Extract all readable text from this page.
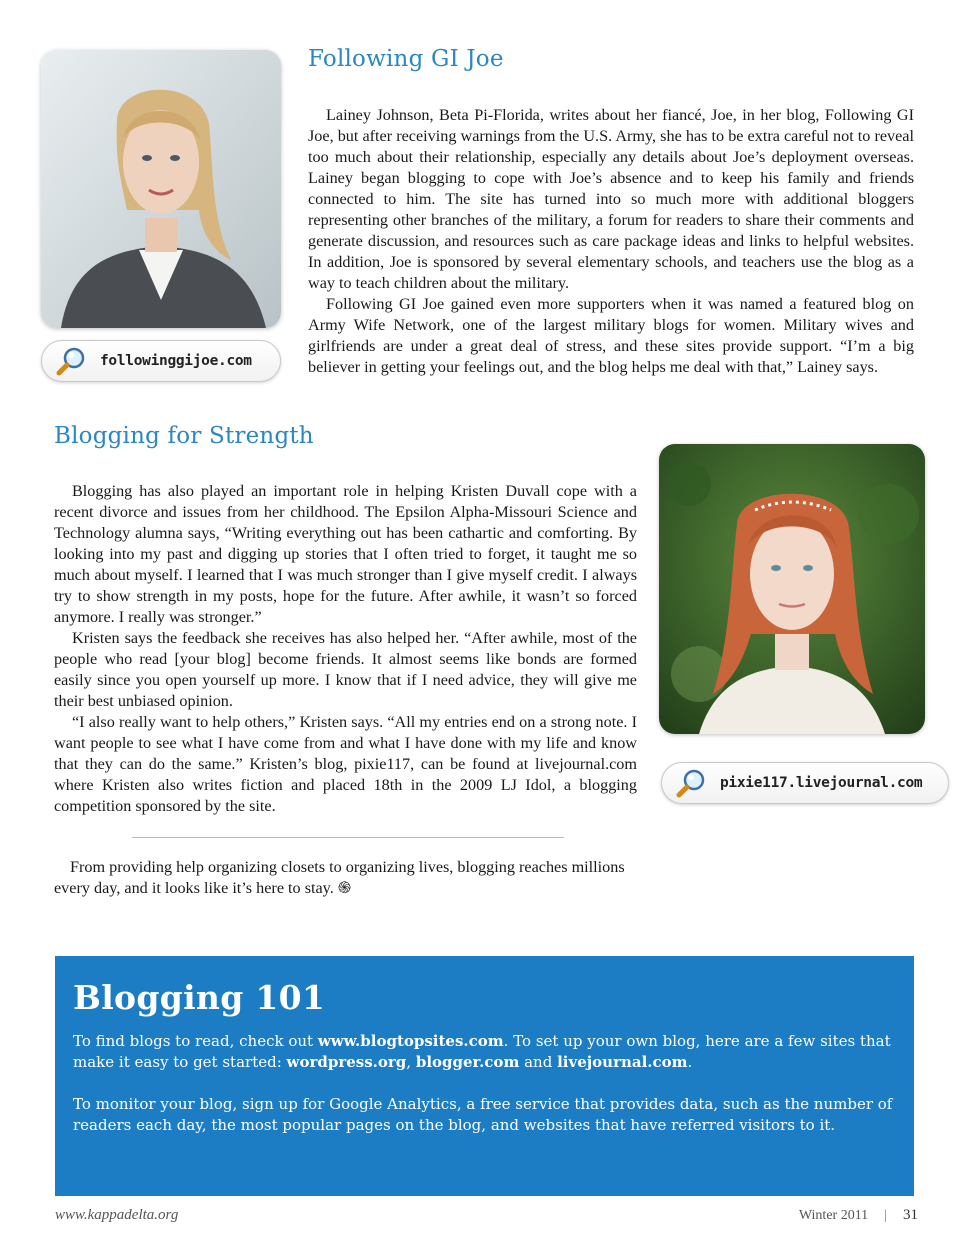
followinggijoe.com
Following GI Joe

Lainey Johnson, Beta Pi-Florida, writes about her fiancé, Joe, in her blog, Following GI Joe, but after receiving warnings from the U.S. Army, she has to be extra careful not to reveal too much about their relationship, especially any details about Joe’s deployment overseas. Lainey began blogging to cope with Joe’s absence and to keep his family and friends connected to him. The site has turned into so much more with additional bloggers representing other branches of the military, a forum for readers to share their comments and generate discussion, and resources such as care package ideas and links to helpful websites. In addition, Joe is sponsored by several elementary schools, and teachers use the blog as a way to teach children about the military.

Following GI Joe gained even more supporters when it was named a featured blog on Army Wife Network, one of the largest military blogs for women. Military wives and girlfriends are under a great deal of stress, and these sites provide support. “I’m a big believer in getting your feelings out, and the blog helps me deal with that,” Lainey says.

Blogging for Strength

Blogging has also played an important role in helping Kristen Duvall cope with a recent divorce and issues from her childhood. The Epsilon Alpha-Missouri Science and Technology alumna says, “Writing everything out has been cathartic and comforting. By looking into my past and digging up stories that I often tried to forget, it taught me so much about myself. I learned that I was much stronger than I give myself credit. I always try to show strength in my posts, hope for the future. After awhile, it wasn’t so forced anymore. I really was stronger.”

Kristen says the feedback she receives has also helped her. “After awhile, most of the people who read [your blog] become friends. It almost seems like bonds are formed easily since you open yourself up more. I know that if I need advice, they will give me their best unbiased opinion.

“I also really want to help others,” Kristen says. “All my entries end on a strong note. I want people to see what I have come from and what I have done with my life and know that they can do the same.” Kristen’s blog, pixie117, can be found at livejournal.com where Kristen also writes fiction and placed 18th in the 2009 LJ Idol, a blogging competition sponsored by the site.

pixie117.livejournal.com

From providing help organizing closets to organizing lives, blogging reaches millions every day, and it looks like it’s here to stay. ֍

Blogging 101

To find blogs to read, check out www.blogtopsites.com. To set up your own blog, here are a few sites that make it easy to get started: wordpress.org, blogger.com and livejournal.com.

To monitor your blog, sign up for Google Analytics, a free service that provides data, such as the number of readers each day, the most popular pages on the blog, and websites that have referred visitors to it.

www.kappadelta.org	Winter 2011 | 31
